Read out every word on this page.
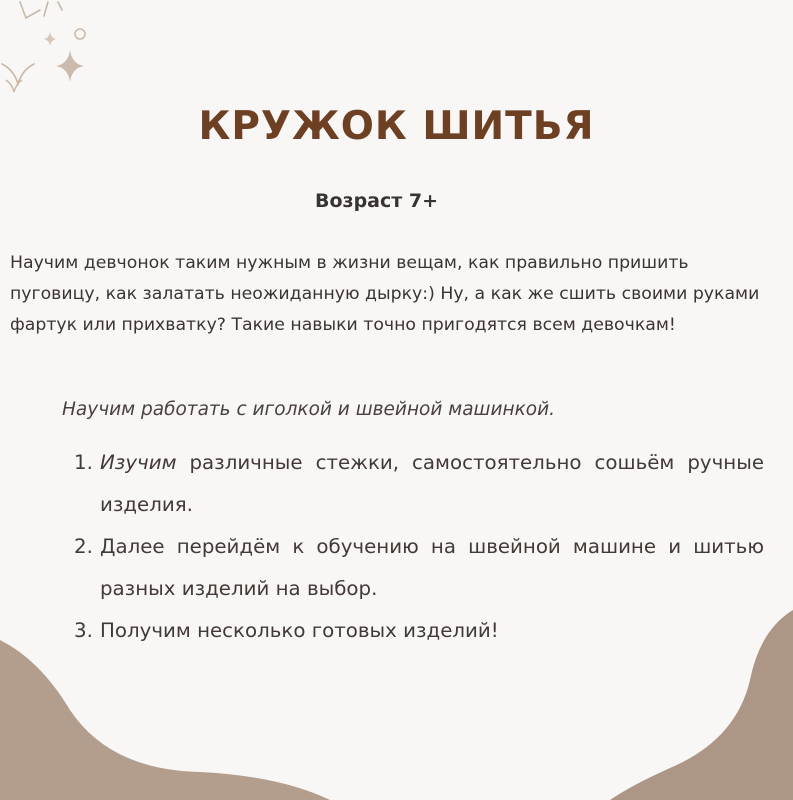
КРУЖОК ШИТЬЯ
Возраст 7+
Научим девчонок таким нужным в жизни вещам, как правильно пришить пуговицу, как залатать неожиданную дырку:) Ну, а как же сшить своими руками фартук или прихватку? Такие навыки точно пригодятся всем девочкам!
Научим работать с иголкой и швейной машинкой.
1. Изучим различные стежки, самостоятельно сошьём ручные изделия.
2. Далее перейдём к обучению на швейной машине и шитью разных изделий на выбор.
3. Получим несколько готовых изделий!
